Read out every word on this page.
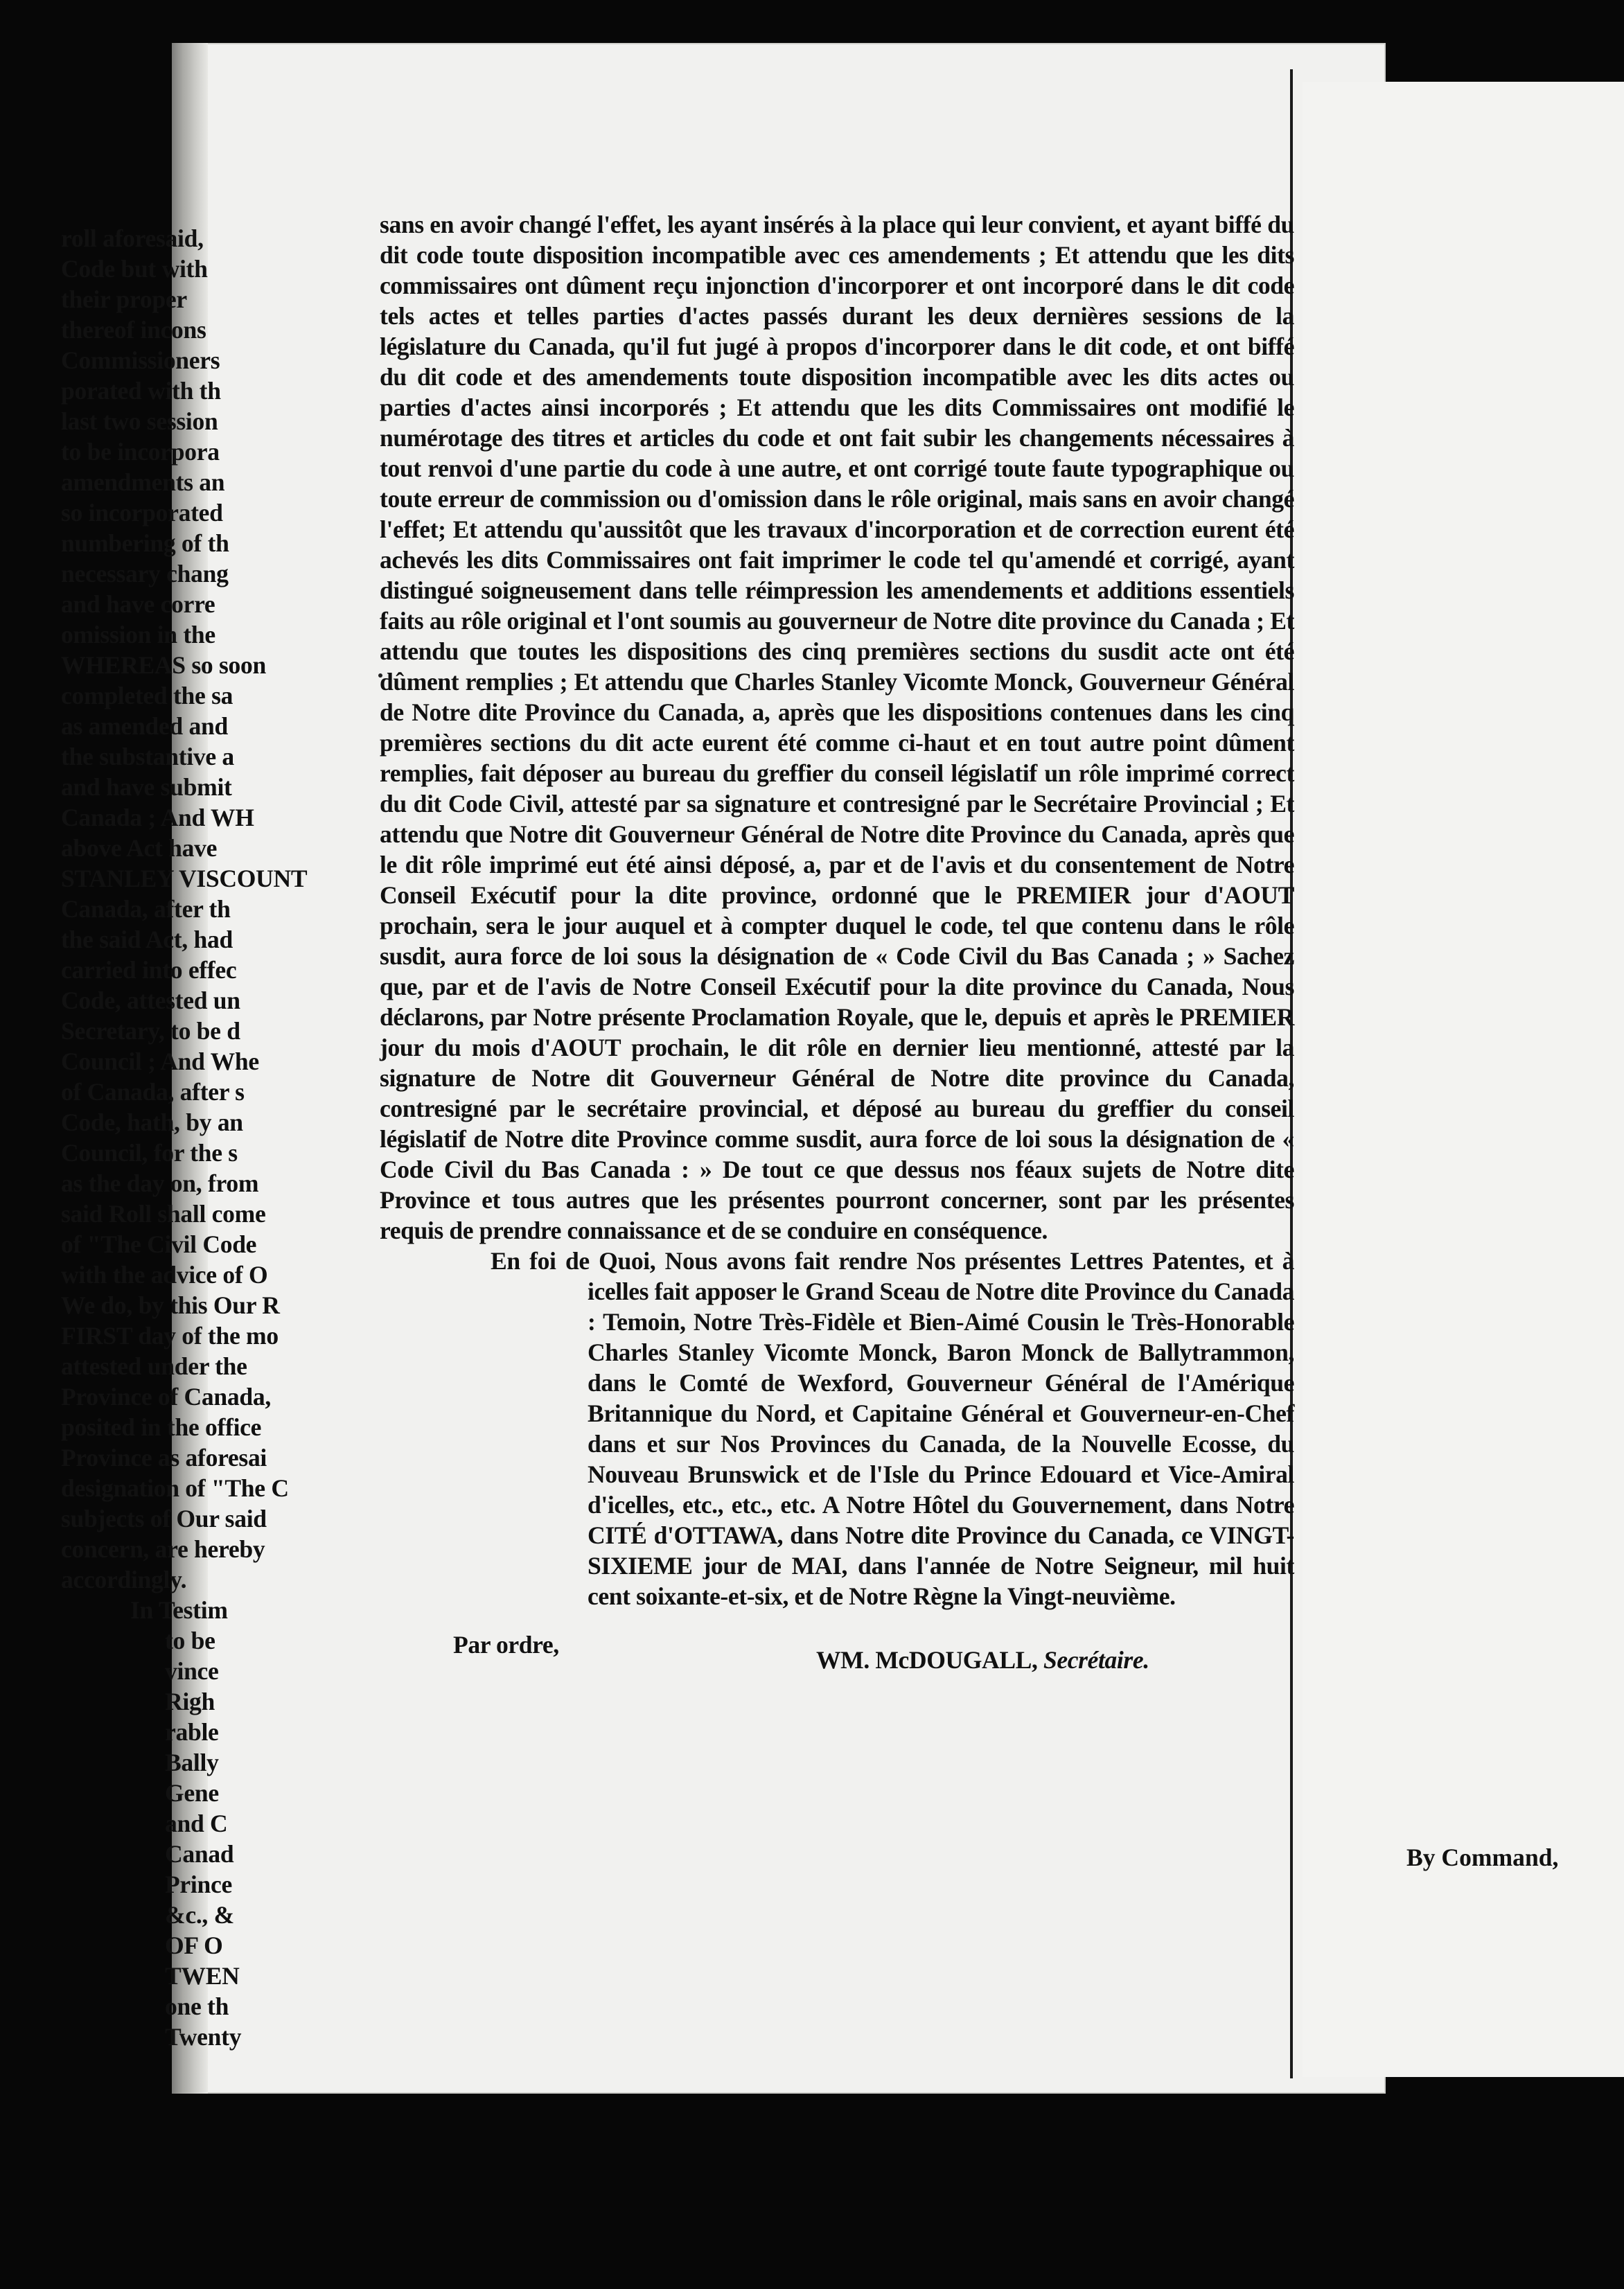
sans en avoir changé l'effet, les ayant insérés à la place qui leur convient, et ayant biffé du dit code toute disposition incompatible avec ces amendements ; Et attendu que les dits commissaires ont dûment reçu injonction d'incorporer et ont incorporé dans le dit code tels actes et telles parties d'actes passés durant les deux dernières sessions de la législature du Canada, qu'il fut jugé à propos d'incorporer dans le dit code, et ont biffé du dit code et des amendements toute disposition incompatible avec les dits actes ou parties d'actes ainsi incorporés ; Et attendu que les dits Commissaires ont modifié le numérotage des titres et articles du code et ont fait subir les changements nécessaires à tout renvoi d'une partie du code à une autre, et ont corrigé toute faute typographique ou toute erreur de commission ou d'omission dans le rôle original, mais sans en avoir changé l'effet; Et attendu qu'aussitôt que les travaux d'incorporation et de correction eurent été achevés les dits Commissaires ont fait imprimer le code tel qu'amendé et corrigé, ayant distingué soigneusement dans telle réimpression les amendements et additions essentiels faits au rôle original et l'ont soumis au gouverneur de Notre dite province du Canada ; Et attendu que toutes les dispositions des cinq premières sections du susdit acte ont été dûment remplies ; Et attendu que Charles Stanley Vicomte Monck, Gouverneur Général de Notre dite Province du Canada, a, après que les dispositions contenues dans les cinq premières sections du dit acte eurent été comme ci-haut et en tout autre point dûment remplies, fait déposer au bureau du greffier du conseil législatif un rôle imprimé correct du dit Code Civil, attesté par sa signature et contresigné par le Secrétaire Provincial ; Et attendu que Notre dit Gouverneur Général de Notre dite Province du Canada, après que le dit rôle imprimé eut été ainsi déposé, a, par et de l'avis et du consentement de Notre Conseil Exécutif pour la dite province, ordonné que le PREMIER jour d'AOUT prochain, sera le jour auquel et à compter duquel le code, tel que contenu dans le rôle susdit, aura force de loi sous la désignation de « Code Civil du Bas Canada ; » Sachez que, par et de l'avis de Notre Conseil Exécutif pour la dite province du Canada, Nous déclarons, par Notre présente Proclamation Royale, que le, depuis et après le PREMIER jour du mois d'AOUT prochain, le dit rôle en dernier lieu mentionné, attesté par la signature de Notre dit Gouverneur Général de Notre dite province du Canada, contresigné par le secrétaire provincial, et déposé au bureau du greffier du conseil législatif de Notre dite Province comme susdit, aura force de loi sous la désignation de « Code Civil du Bas Canada : » De tout ce que dessus nos féaux sujets de Notre dite Province et tous autres que les présentes pourront concerner, sont par les présentes requis de prendre connaissance et de se conduire en conséquence.

En foi de Quoi, Nous avons fait rendre Nos présentes Lettres Patentes, et à icelles fait apposer le Grand Sceau de Notre dite Province du Canada : Temoin, Notre Très-Fidèle et Bien-Aimé Cousin le Très-Honorable Charles Stanley Vicomte Monck, Baron Monck de Ballytrammon, dans le Comté de Wexford, Gouverneur Général de l'Amérique Britannique du Nord, et Capitaine Général et Gouverneur-en-Chef dans et sur Nos Provinces du Canada, de la Nouvelle Ecosse, du Nouveau Brunswick et de l'Isle du Prince Edouard et Vice-Amiral d'icelles, etc., etc., etc. A Notre Hôtel du Gouvernement, dans Notre CITÉ d'OTTAWA, dans Notre dite Province du Canada, ce VINGT-SIXIEME jour de MAI, dans l'année de Notre Seigneur, mil huit cent soixante-et-six, et de Notre Règne la Vingt-neuvième.

Par ordre,
WM. McDOUGALL, Secrétaire.
roll aforesaid,
Code but with
their proper
thereof incons
Commissioners
porated with th
last two session
to be incorpora
amendments an
so incorporated
numbering of th
necessary chang
and have corre
omission in the
WHEREAS so soon
completed the sa
as amended and
the substantive a
and have submit
Canada ; And WH
above Act have
STANLEY VISCOUNT
Canada, after th
the said Act, had
carried into effec
Code, attested un
Secretary, to be d
Council ; And Whe
of Canada, after s
Code, hath, by an
Council, for the s
as the day on, from
said Roll shall come
of "The Civil Code
with the advice of O
We do, by this Our R
FIRST day of the mo
attested under the
Province of Canada,
posited in the office
Province as aforesai
designation of "The C
subjects of Our said
concern, are hereby
accordingly.
In Testim
to be
vince
Righ
rable
Bally
Gene
and C
Canad
Prince
&c., &
OF O
TWEN
one th
Twenty
By Command,
